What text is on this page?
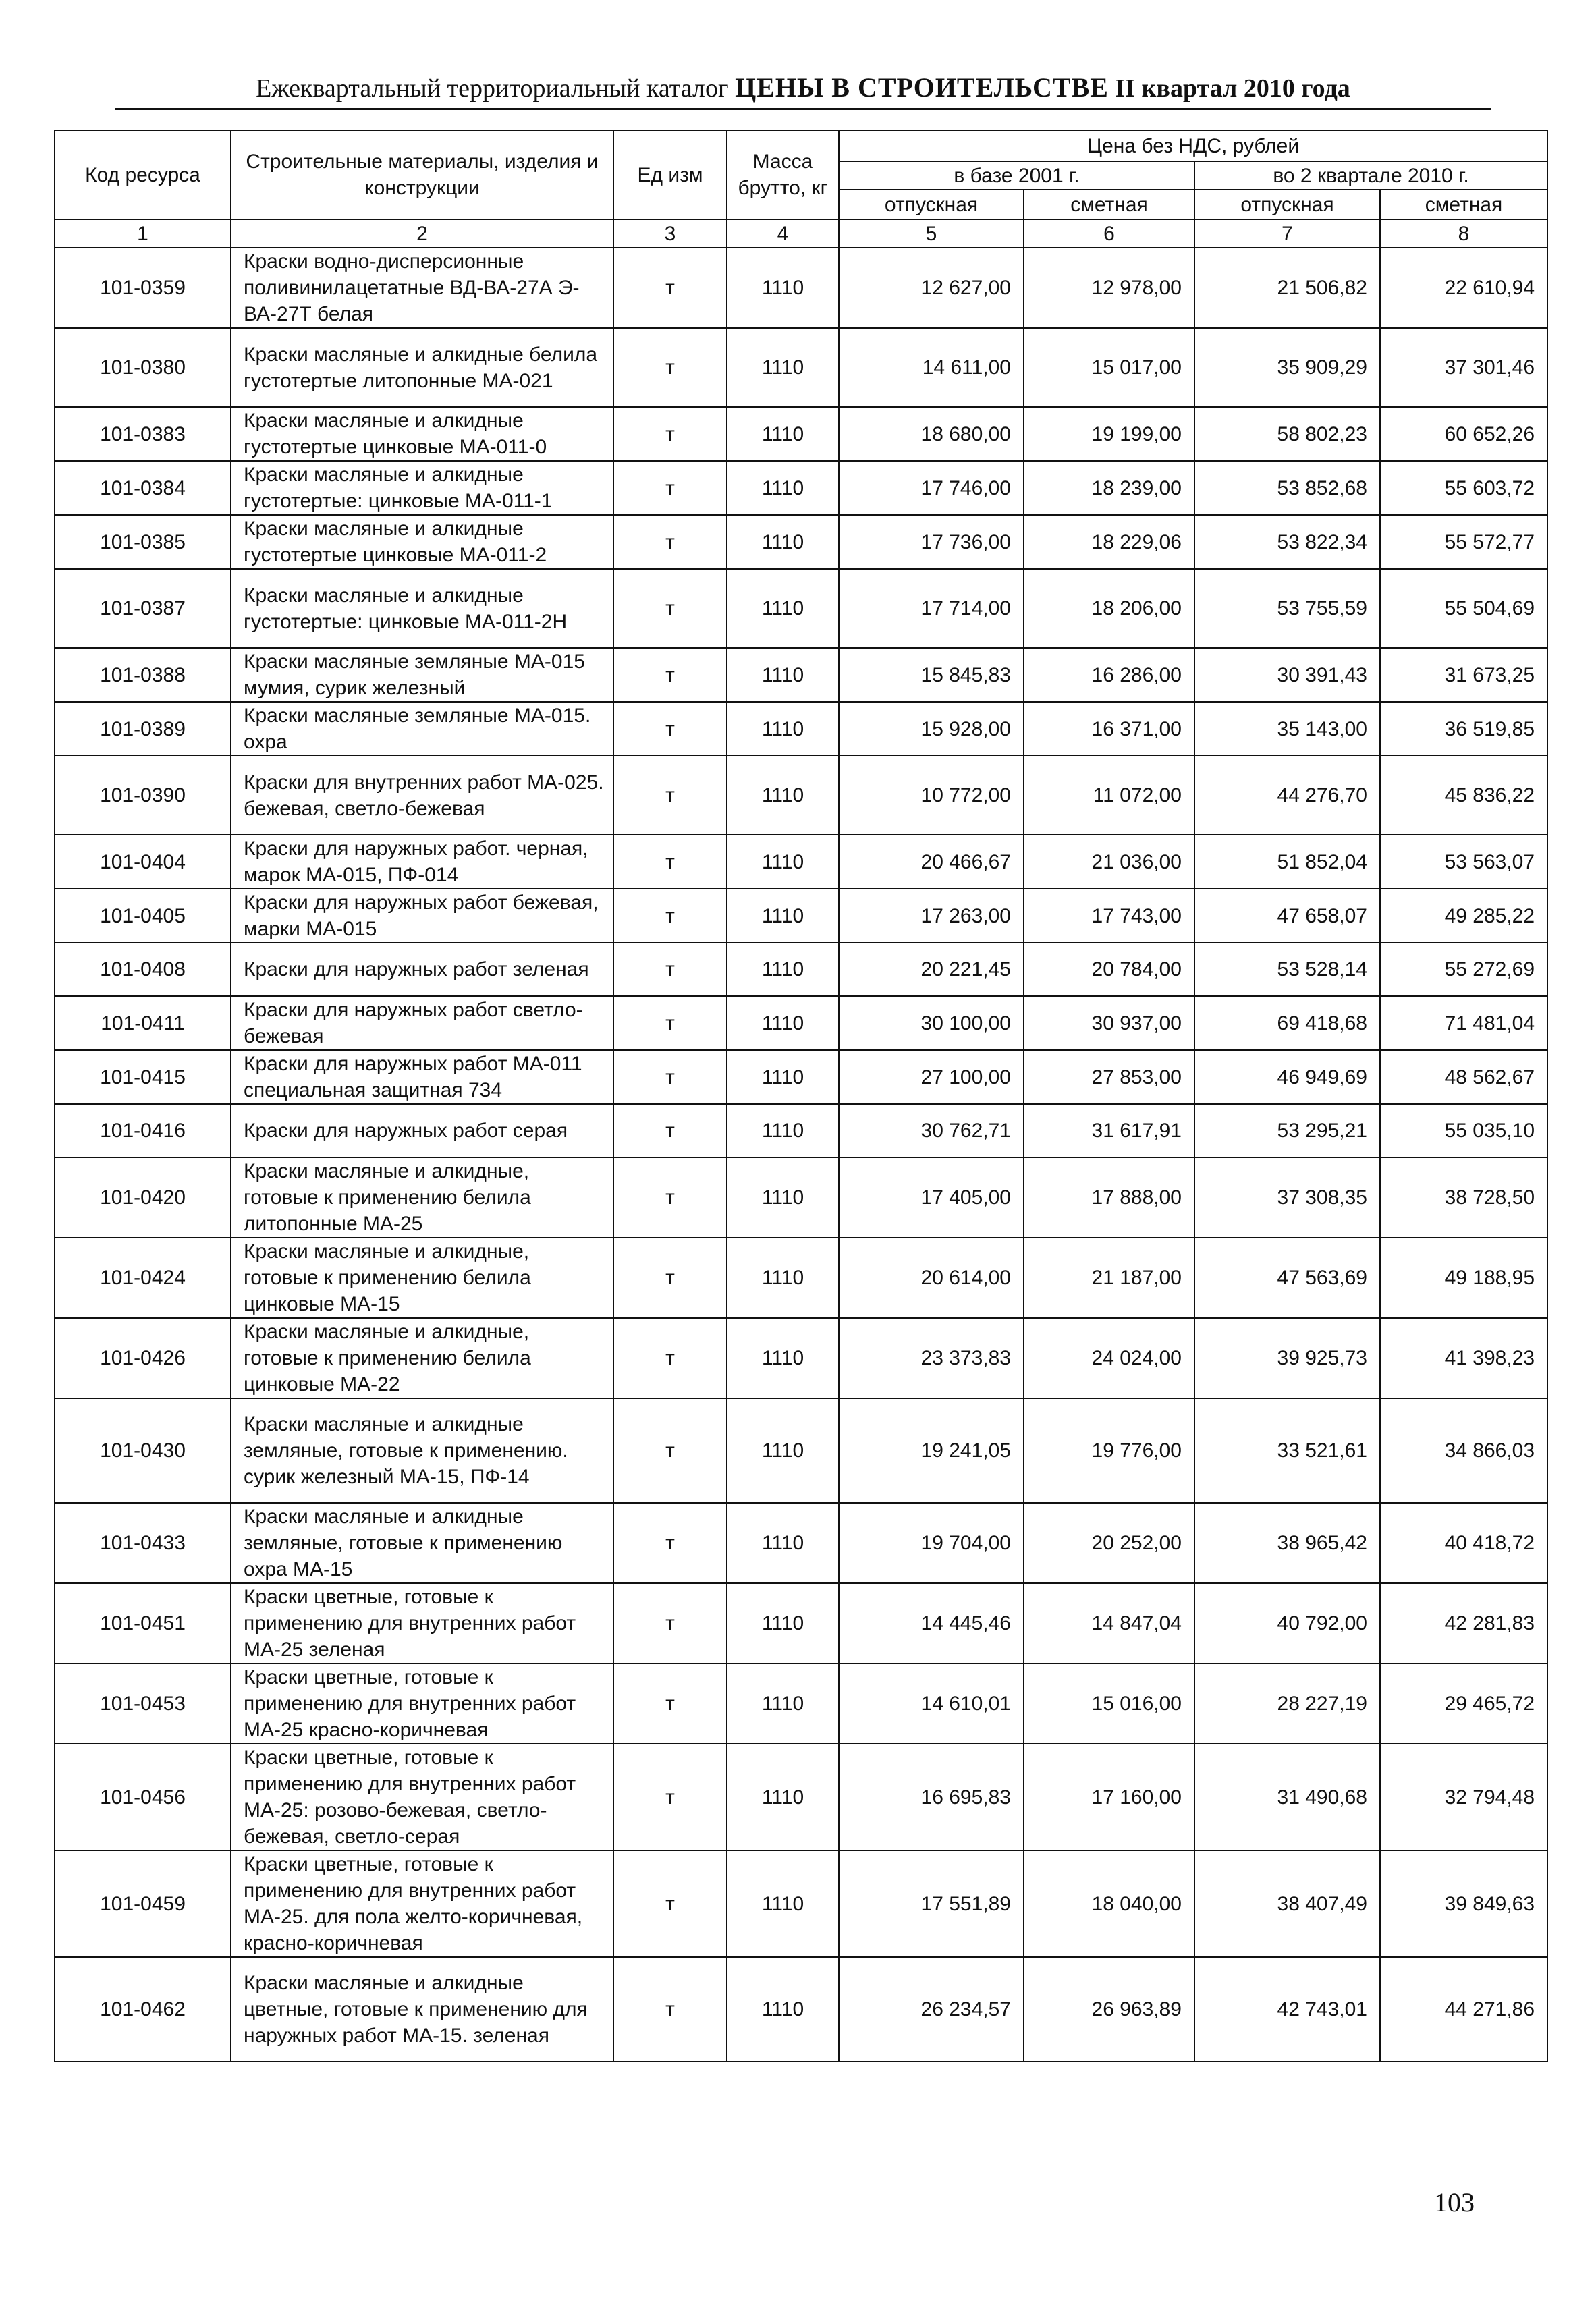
Ежеквартальный территориальный каталог ЦЕНЫ В СТРОИТЕЛЬСТВЕ II квартал 2010 года
Код ресурса	Строительные материалы, изделия и конструкции	Ед изм	Масса брутто, кг	Цена без НДС, рублей			
				в базе 2001 г.		во 2 квартале 2010 г.	
				отпускная	сметная	отпускная	сметная
1	2	3	4	5	6	7	8
101-0359	Краски водно-дисперсионные поливинилацетатные ВД-ВА-27А Э-ВА-27Т белая	т	1110	12 627,00	12 978,00	21 506,82	22 610,94
101-0380	Краски масляные и алкидные белила густотертые литопонные МА-021	т	1110	14 611,00	15 017,00	35 909,29	37 301,46
101-0383	Краски масляные и алкидные густотертые цинковые МА-011-0	т	1110	18 680,00	19 199,00	58 802,23	60 652,26
101-0384	Краски масляные и алкидные густотертые: цинковые МА-011-1	т	1110	17 746,00	18 239,00	53 852,68	55 603,72
101-0385	Краски масляные и алкидные густотертые цинковые МА-011-2	т	1110	17 736,00	18 229,06	53 822,34	55 572,77
101-0387	Краски масляные и алкидные густотертые: цинковые МА-011-2Н	т	1110	17 714,00	18 206,00	53 755,59	55 504,69
101-0388	Краски масляные земляные МА-015 мумия, сурик железный	т	1110	15 845,83	16 286,00	30 391,43	31 673,25
101-0389	Краски масляные земляные МА-015. охра	т	1110	15 928,00	16 371,00	35 143,00	36 519,85
101-0390	Краски для внутренних работ МА-025. бежевая, светло-бежевая	т	1110	10 772,00	11 072,00	44 276,70	45 836,22
101-0404	Краски для наружных работ. черная, марок МА-015, ПФ-014	т	1110	20 466,67	21 036,00	51 852,04	53 563,07
101-0405	Краски для наружных работ бежевая, марки МА-015	т	1110	17 263,00	17 743,00	47 658,07	49 285,22
101-0408	Краски для наружных работ зеленая	т	1110	20 221,45	20 784,00	53 528,14	55 272,69
101-0411	Краски для наружных работ светло-бежевая	т	1110	30 100,00	30 937,00	69 418,68	71 481,04
101-0415	Краски для наружных работ МА-011 специальная защитная 734	т	1110	27 100,00	27 853,00	46 949,69	48 562,67
101-0416	Краски для наружных работ серая	т	1110	30 762,71	31 617,91	53 295,21	55 035,10
101-0420	Краски масляные и алкидные, готовые к применению белила литопонные МА-25	т	1110	17 405,00	17 888,00	37 308,35	38 728,50
101-0424	Краски масляные и алкидные, готовые к применению белила цинковые МА-15	т	1110	20 614,00	21 187,00	47 563,69	49 188,95
101-0426	Краски масляные и алкидные, готовые к применению белила цинковые МА-22	т	1110	23 373,83	24 024,00	39 925,73	41 398,23
101-0430	Краски масляные и алкидные земляные, готовые к применению. сурик железный МА-15, ПФ-14	т	1110	19 241,05	19 776,00	33 521,61	34 866,03
101-0433	Краски масляные и алкидные земляные, готовые к применению охра МА-15	т	1110	19 704,00	20 252,00	38 965,42	40 418,72
101-0451	Краски цветные, готовые к применению для внутренних работ МА-25 зеленая	т	1110	14 445,46	14 847,04	40 792,00	42 281,83
101-0453	Краски цветные, готовые к применению для внутренних работ МА-25 красно-коричневая	т	1110	14 610,01	15 016,00	28 227,19	29 465,72
101-0456	Краски цветные, готовые к применению для внутренних работ МА-25: розово-бежевая, светло-бежевая, светло-серая	т	1110	16 695,83	17 160,00	31 490,68	32 794,48
101-0459	Краски цветные, готовые к применению для внутренних работ МА-25. для пола желто-коричневая, красно-коричневая	т	1110	17 551,89	18 040,00	38 407,49	39 849,63
101-0462	Краски масляные и алкидные цветные, готовые к применению для наружных работ МА-15. зеленая	т	1110	26 234,57	26 963,89	42 743,01	44 271,86
103
